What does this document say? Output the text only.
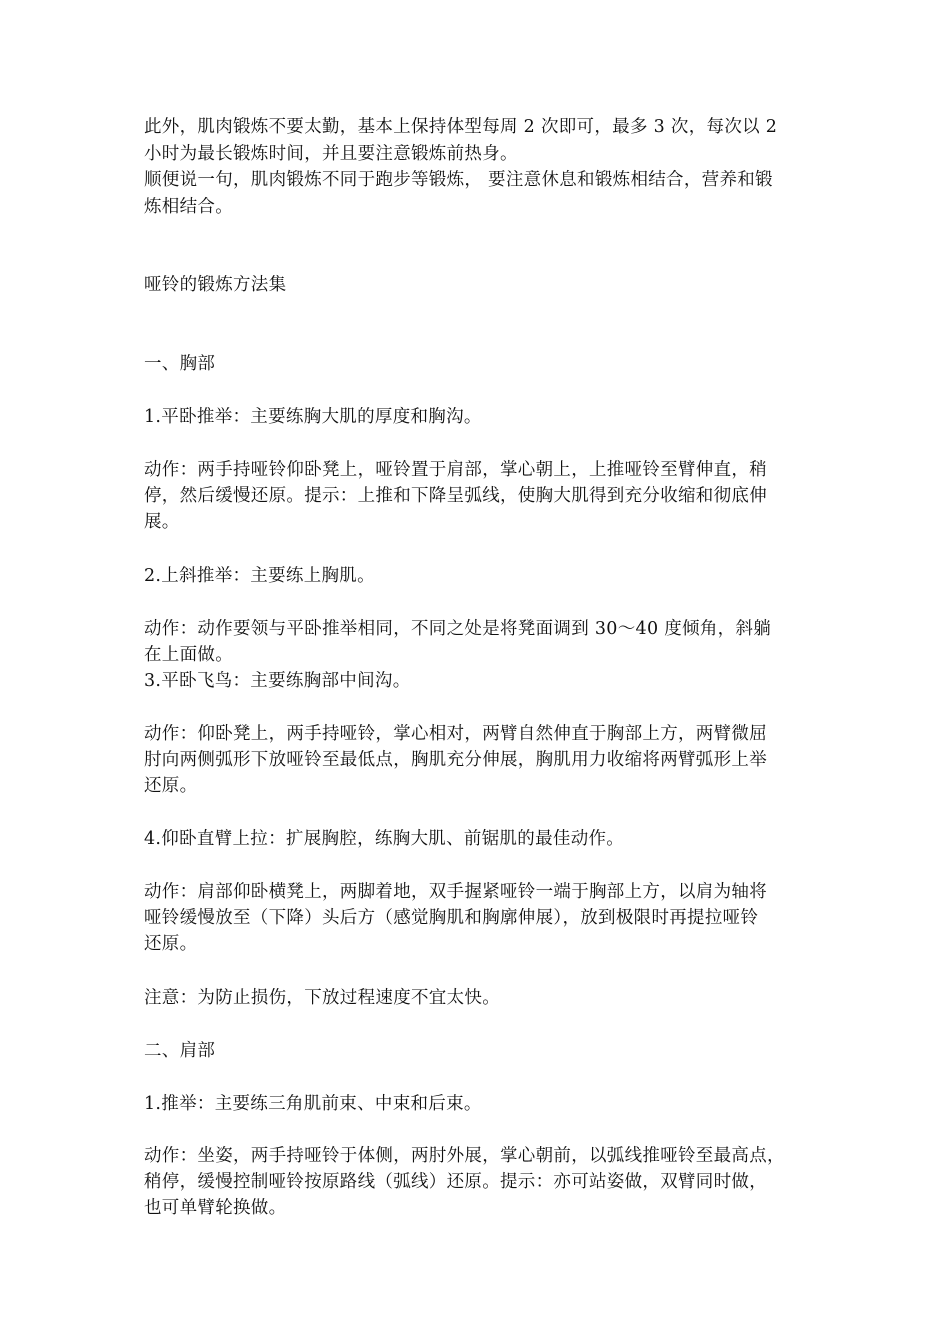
此外，肌肉锻炼不要太勤，基本上保持体型每周 2 次即可，最多 3 次，每次以 2
小时为最长锻炼时间，并且要注意锻炼前热身。
顺便说一句，肌肉锻炼不同于跑步等锻炼， 要注意休息和锻炼相结合，营养和锻
炼相结合。
哑铃的锻炼方法集
一、胸部
1.平卧推举：主要练胸大肌的厚度和胸沟。
动作：两手持哑铃仰卧凳上，哑铃置于肩部，掌心朝上，上推哑铃至臂伸直，稍
停，然后缓慢还原。提示：上推和下降呈弧线，使胸大肌得到充分收缩和彻底伸
展。
2.上斜推举：主要练上胸肌。
动作：动作要领与平卧推举相同，不同之处是将凳面调到 30～40 度倾角，斜躺
在上面做。
3.平卧飞鸟：主要练胸部中间沟。
动作：仰卧凳上，两手持哑铃，掌心相对，两臂自然伸直于胸部上方，两臂微屈
肘向两侧弧形下放哑铃至最低点，胸肌充分伸展，胸肌用力收缩将两臂弧形上举
还原。
4.仰卧直臂上拉：扩展胸腔，练胸大肌、前锯肌的最佳动作。
动作：肩部仰卧横凳上，两脚着地，双手握紧哑铃一端于胸部上方，以肩为轴将
哑铃缓慢放至（下降）头后方（感觉胸肌和胸廓伸展），放到极限时再提拉哑铃
还原。
注意：为防止损伤，下放过程速度不宜太快。
二、肩部
1.推举：主要练三角肌前束、中束和后束。
动作：坐姿，两手持哑铃于体侧，两肘外展，掌心朝前，以弧线推哑铃至最高点，
稍停，缓慢控制哑铃按原路线（弧线）还原。提示：亦可站姿做，双臂同时做，
也可单臂轮换做。
